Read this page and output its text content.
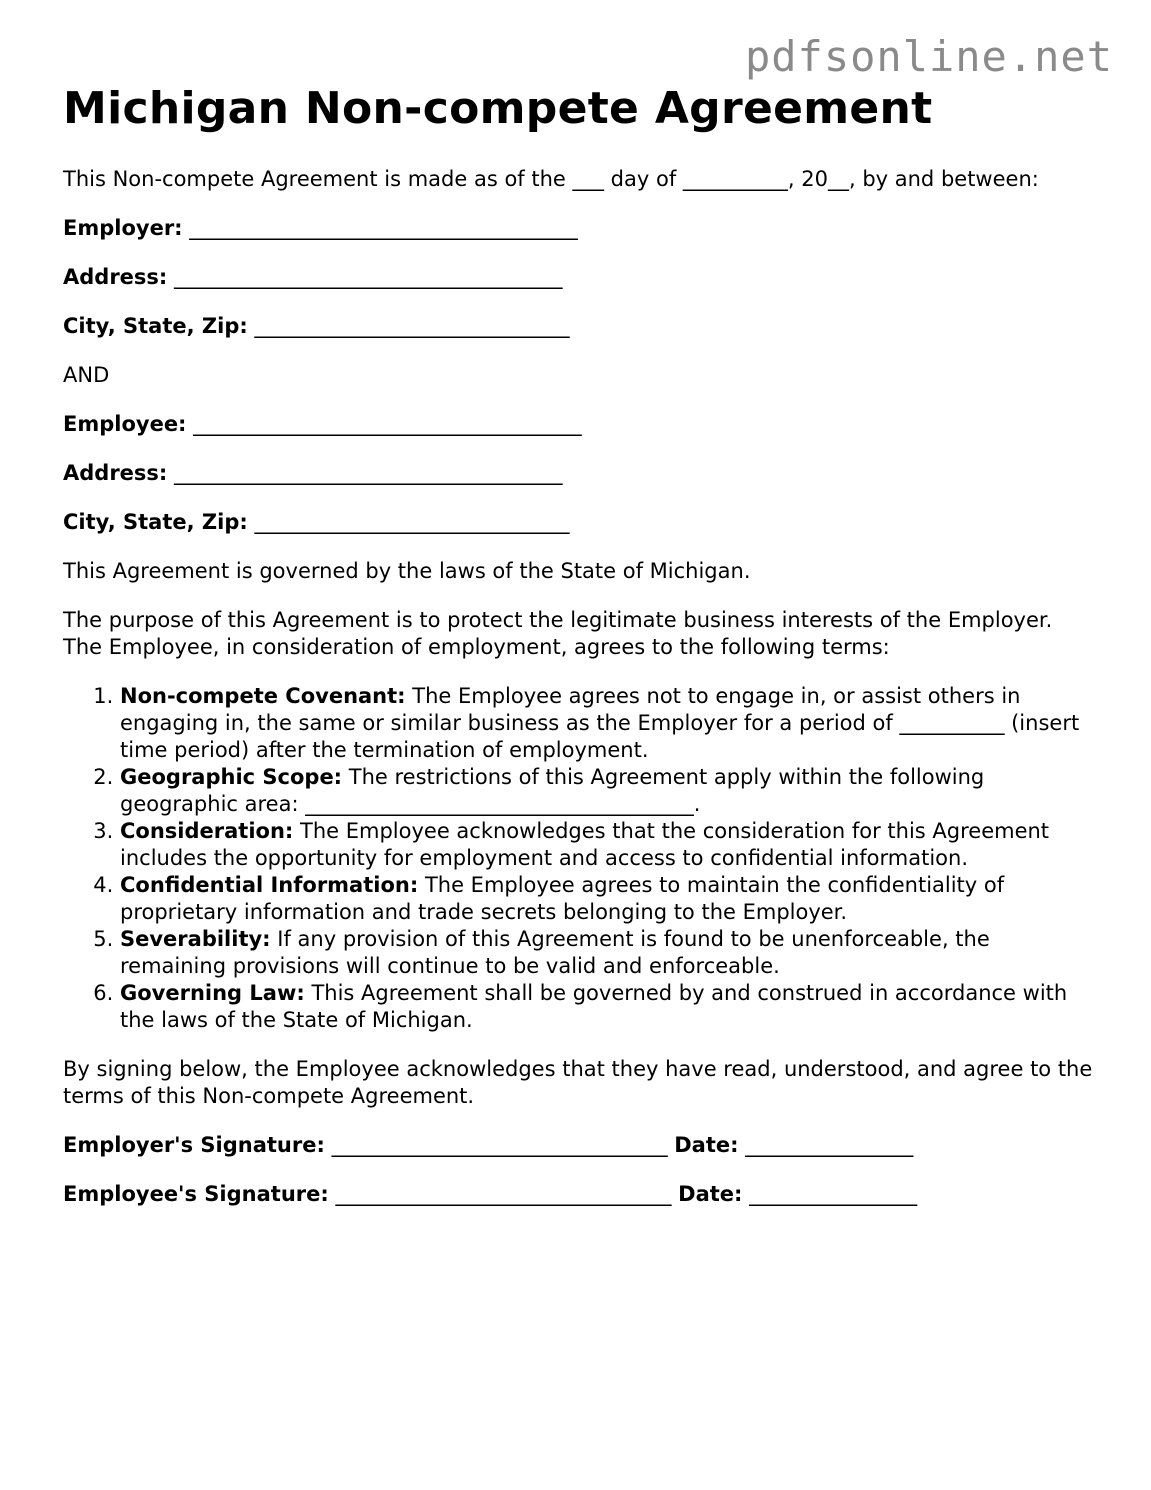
pdfsonline.net
Michigan Non-compete Agreement

This Non-compete Agreement is made as of the ___ day of __________, 20__, by and between:

Employer: _____________________________________

Address: _____________________________________

City, State, Zip: ______________________________

AND

Employee: _____________________________________

Address: _____________________________________

City, State, Zip: ______________________________

This Agreement is governed by the laws of the State of Michigan.

The purpose of this Agreement is to protect the legitimate business interests of the Employer. The Employee, in consideration of employment, agrees to the following terms:

1. Non-compete Covenant: The Employee agrees not to engage in, or assist others in engaging in, the same or similar business as the Employer for a period of __________ (insert time period) after the termination of employment.
2. Geographic Scope: The restrictions of this Agreement apply within the following geographic area: _____________________________________.
3. Consideration: The Employee acknowledges that the consideration for this Agreement includes the opportunity for employment and access to confidential information.
4. Confidential Information: The Employee agrees to maintain the confidentiality of proprietary information and trade secrets belonging to the Employer.
5. Severability: If any provision of this Agreement is found to be unenforceable, the remaining provisions will continue to be valid and enforceable.
6. Governing Law: This Agreement shall be governed by and construed in accordance with the laws of the State of Michigan.

By signing below, the Employee acknowledges that they have read, understood, and agree to the terms of this Non-compete Agreement.

Employer's Signature: ________________________________ Date: ________________

Employee's Signature: ________________________________ Date: ________________
